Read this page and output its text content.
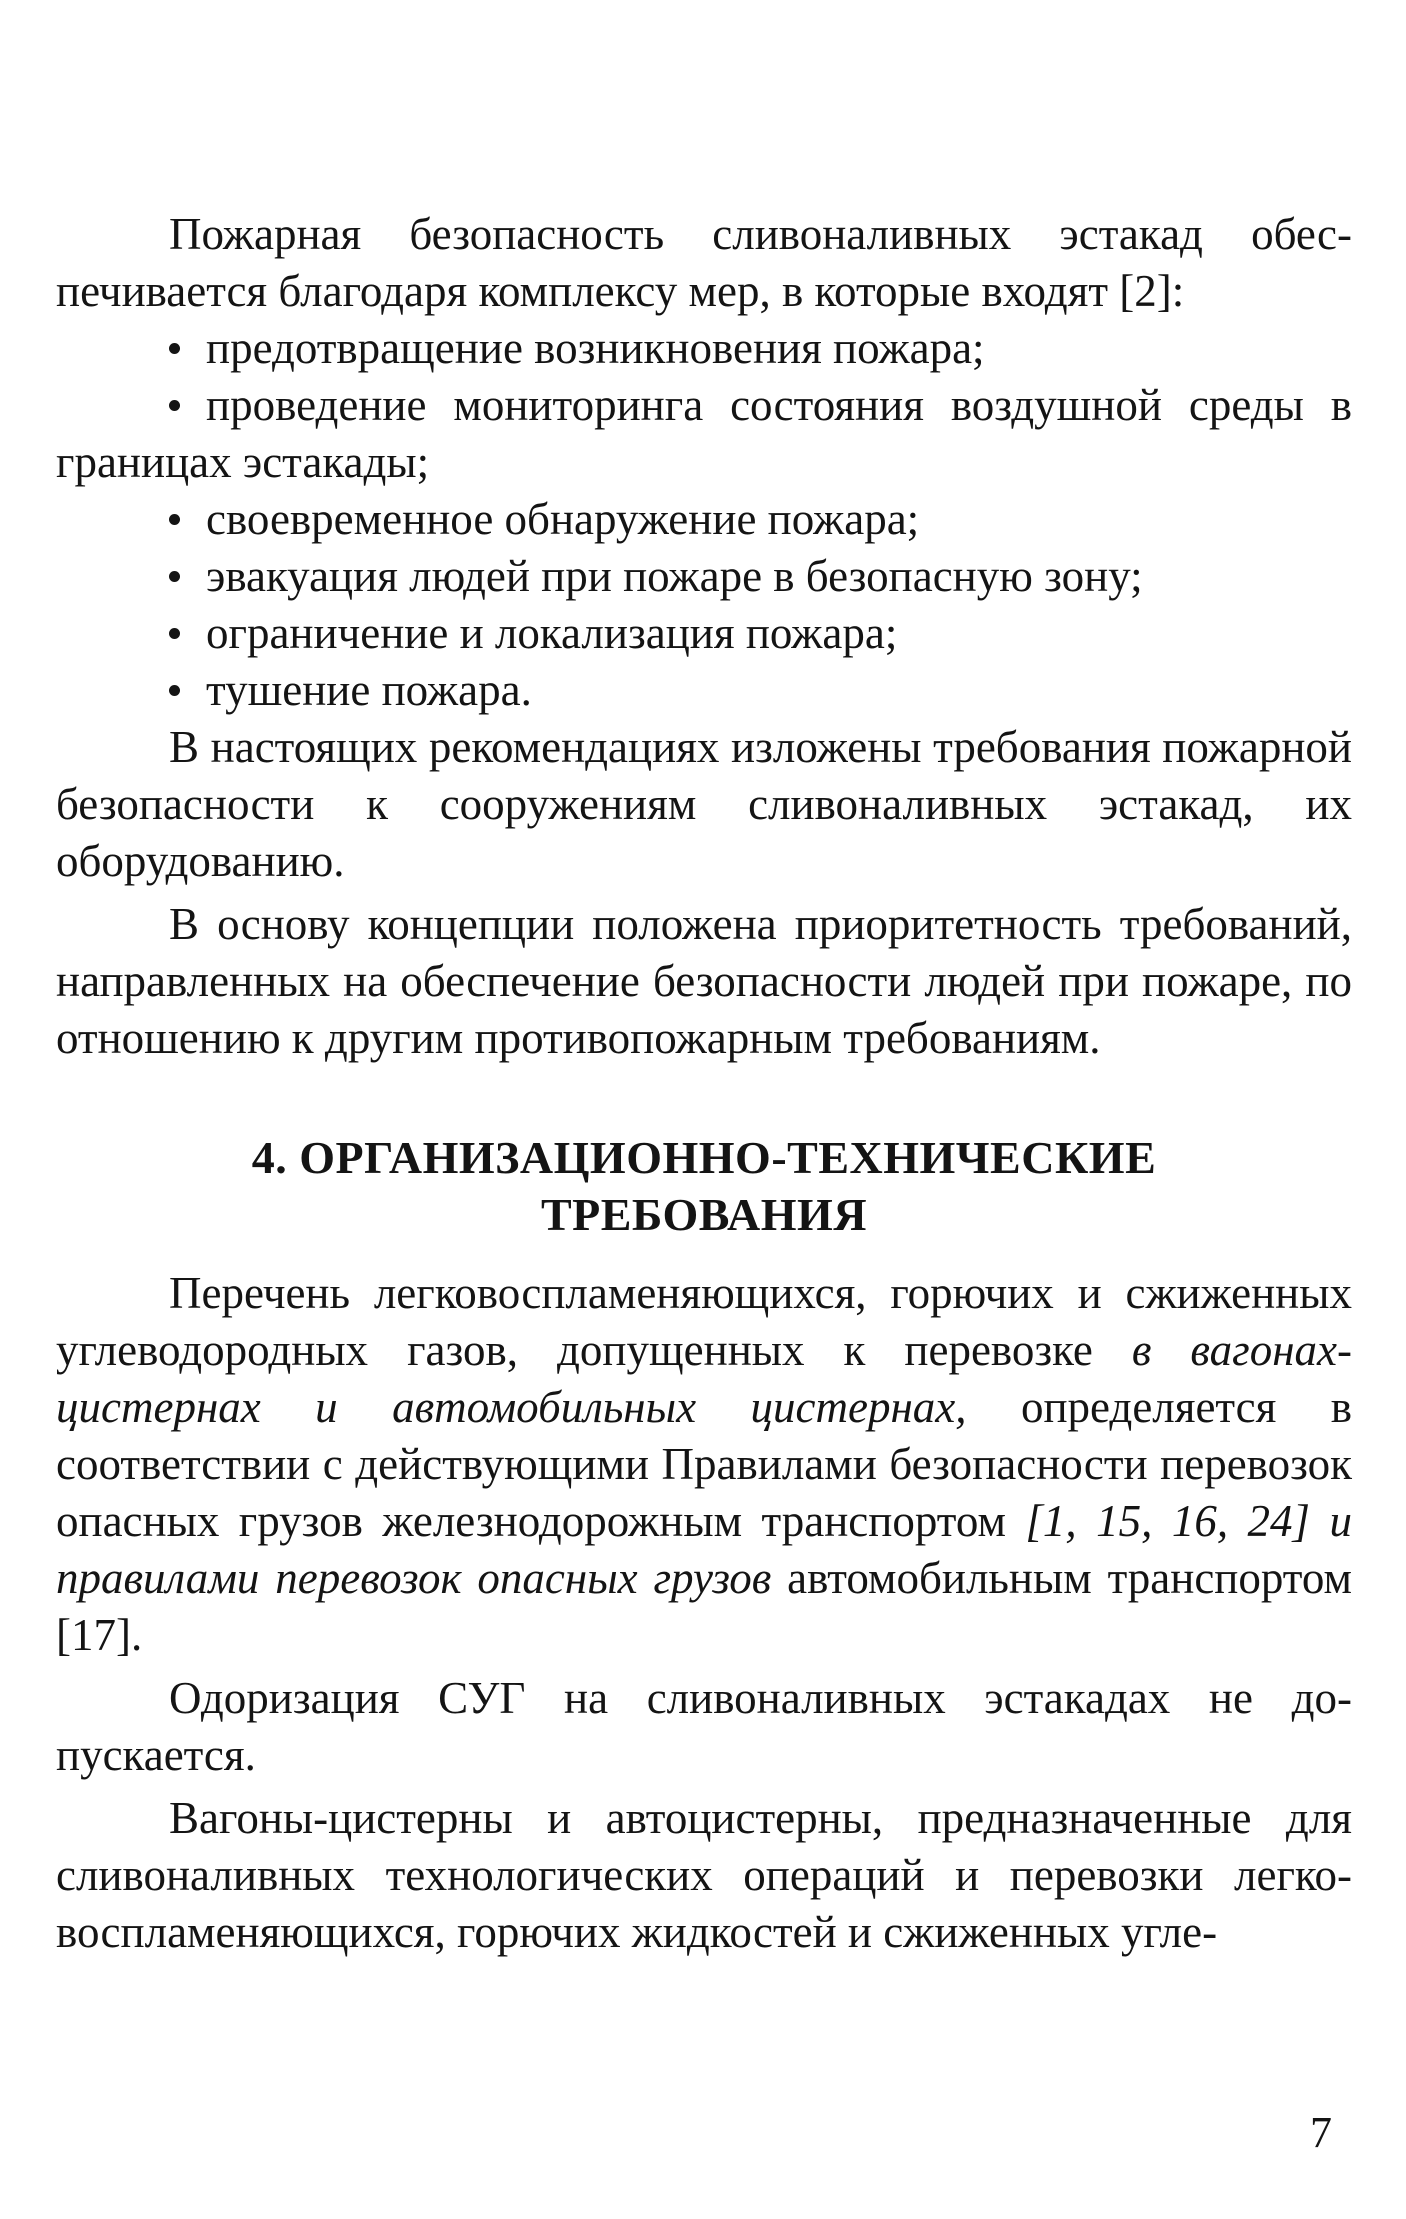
Пожарная безопасность сливоналивных эстакад обеспечивается благодаря комплексу мер, в которые входят [2]:

предотвращение возникновения пожара;
проведение мониторинга состояния воздушной среды в границах эстакады;
своевременное обнаружение пожара;
эвакуация людей при пожаре в безопасную зону;
ограничение и локализация пожара;
тушение пожара.

В настоящих рекомендациях изложены требования пожарной безопасности к сооружениям сливоналивных эстакад, их оборудованию.

В основу концепции положена приоритетность требований, направленных на обеспечение безопасности людей при пожаре, по отношению к другим противопожарным требованиям.

4. ОРГАНИЗАЦИОННО-ТЕХНИЧЕСКИЕ
ТРЕБОВАНИЯ

Перечень легковоспламеняющихся, горючих и сжиженных углеводородных газов, допущенных к перевозке в вагонах-цистернах и автомобильных цистернах, определяется в соответствии с действующими Правилами безопасности перевозок опасных грузов железнодорожным транспортом [1, 15, 16, 24] и правилами перевозок опасных грузов автомобильным транспортом [17].

Одоризация СУГ на сливоналивных эстакадах не допускается.

Вагоны-цистерны и автоцистерны, предназначенные для сливоналивных технологических операций и перевозки легковоспламеняющихся, горючих жидкостей и сжиженных угле-

7
